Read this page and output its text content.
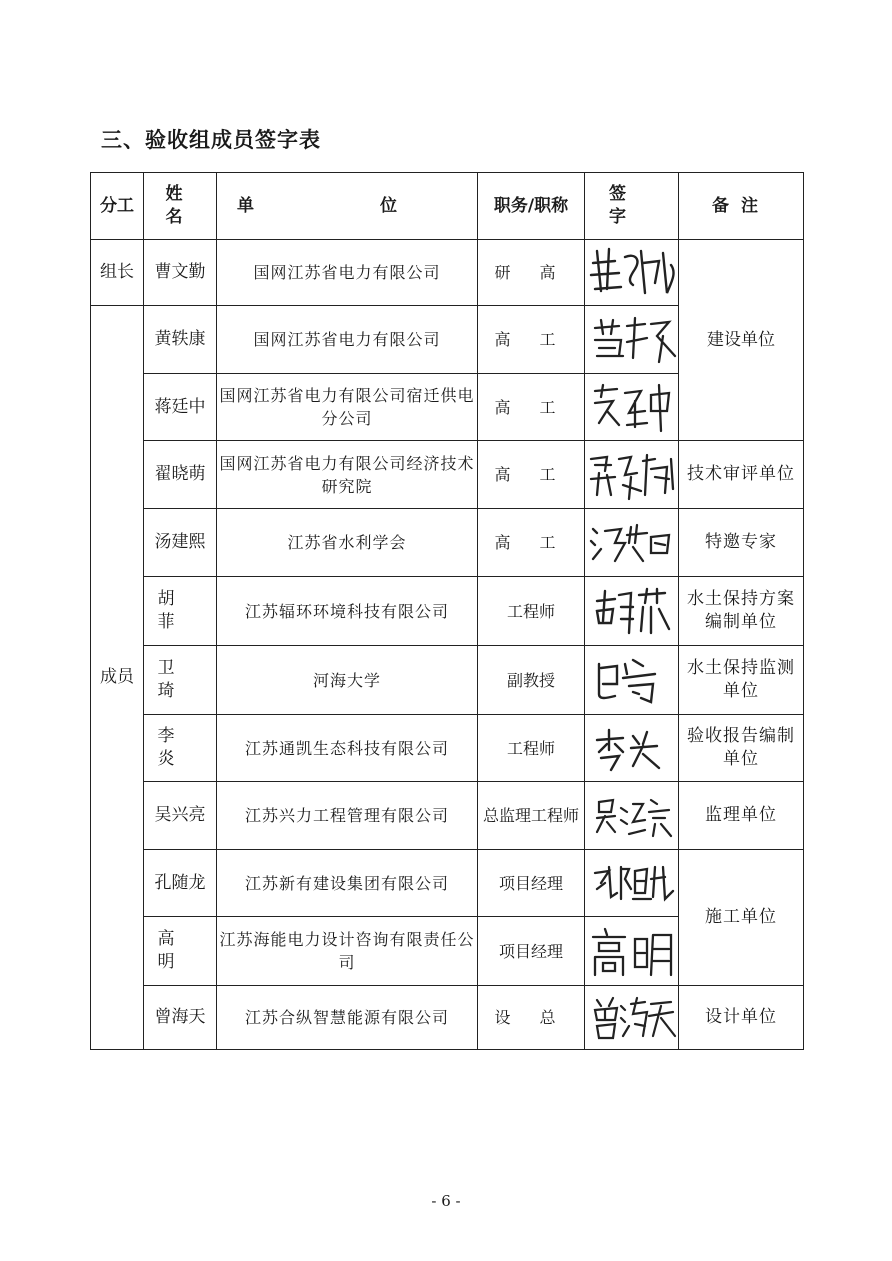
三、验收组成员签字表
分工	姓 名	单 位	职务/职称	签 字	备注
组长	曹文勤	国网江苏省电力有限公司	研 高		建设单位
成员	黄轶康	国网江苏省电力有限公司	高 工	

	蒋廷中	国网江苏省电力有限公司宿迁供电分公司	高 工	

	翟晓萌	国网江苏省电力有限公司经济技术研究院	高 工		技术审评单位
	汤建熙	江苏省水利学会	高 工		特邀专家
	胡 菲	江苏辐环环境科技有限公司	工程师		水土保持方案编制单位
	卫 琦	河海大学	副教授		水土保持监测单位
	李 炎	江苏通凯生态科技有限公司	工程师		验收报告编制单位
	吴兴亮	江苏兴力工程管理有限公司	总监理工程师		监理单位
	孔随龙	江苏新有建设集团有限公司	项目经理		施工单位
	高 明	江苏海能电力设计咨询有限责任公司	项目经理	

	曾海天	江苏合纵智慧能源有限公司	设 总		设计单位
- 6 -
